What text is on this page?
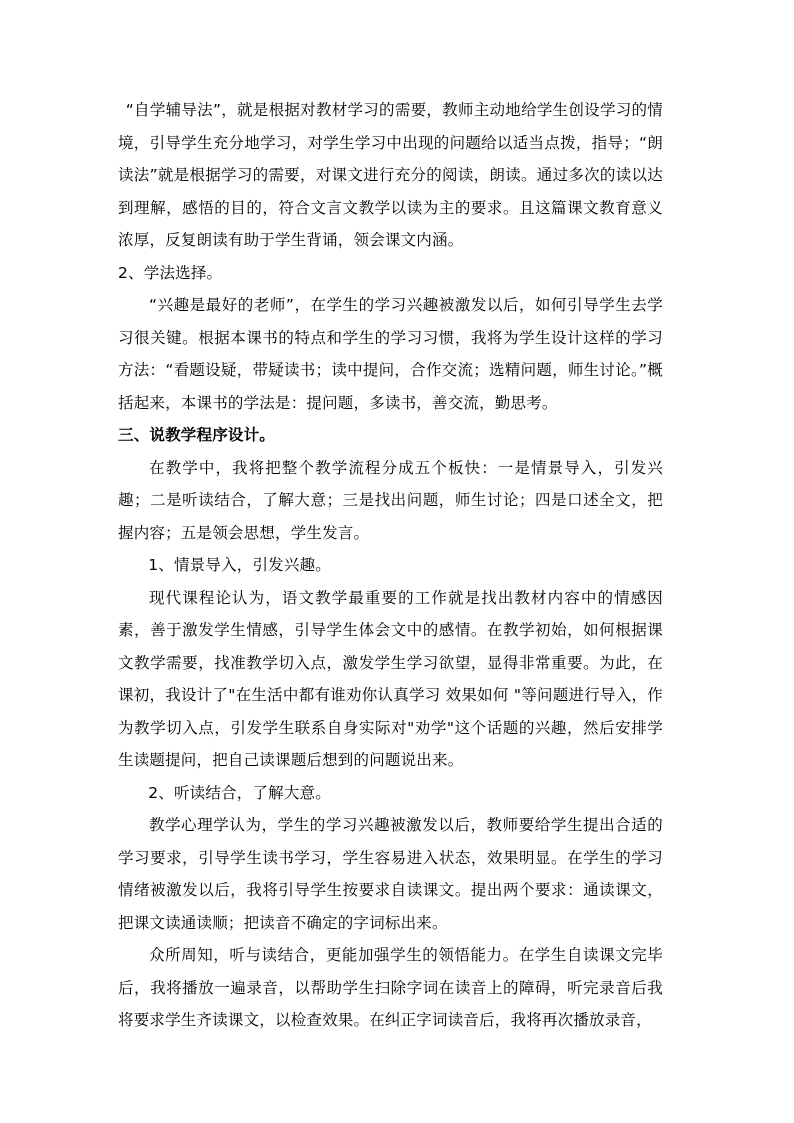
“自学辅导法”，就是根据对教材学习的需要，教师主动地给学生创设学习的情境，引导学生充分地学习，对学生学习中出现的问题给以适当点拨，指导；“朗读法”就是根据学习的需要，对课文进行充分的阅读，朗读。通过多次的读以达到理解，感悟的目的，符合文言文教学以读为主的要求。且这篇课文教育意义浓厚，反复朗读有助于学生背诵，领会课文内涵。

2、学法选择。

“兴趣是最好的老师”，在学生的学习兴趣被激发以后，如何引导学生去学习很关键。根据本课书的特点和学生的学习习惯，我将为学生设计这样的学习方法：“看题设疑，带疑读书；读中提问，合作交流；选精问题，师生讨论。”概括起来，本课书的学法是：提问题，多读书，善交流，勤思考。

三、说教学程序设计。

在教学中，我将把整个教学流程分成五个板快：一是情景导入，引发兴趣；二是听读结合，了解大意；三是找出问题，师生讨论；四是口述全文，把握内容；五是领会思想，学生发言。

1、情景导入，引发兴趣。

现代课程论认为，语文教学最重要的工作就是找出教材内容中的情感因素，善于激发学生情感，引导学生体会文中的感情。在教学初始，如何根据课文教学需要，找准教学切入点，激发学生学习欲望，显得非常重要。为此，在课初，我设计了"在生活中都有谁劝你认真学习 效果如何 "等问题进行导入，作为教学切入点，引发学生联系自身实际对"劝学"这个话题的兴趣，然后安排学生读题提问，把自己读课题后想到的问题说出来。

2、听读结合，了解大意。

教学心理学认为，学生的学习兴趣被激发以后，教师要给学生提出合适的学习要求，引导学生读书学习，学生容易进入状态，效果明显。在学生的学习情绪被激发以后，我将引导学生按要求自读课文。提出两个要求：通读课文，把课文读通读顺；把读音不确定的字词标出来。

众所周知，听与读结合，更能加强学生的领悟能力。在学生自读课文完毕后，我将播放一遍录音，以帮助学生扫除字词在读音上的障碍，听完录音后我将要求学生齐读课文，以检查效果。在纠正字词读音后，我将再次播放录音，
